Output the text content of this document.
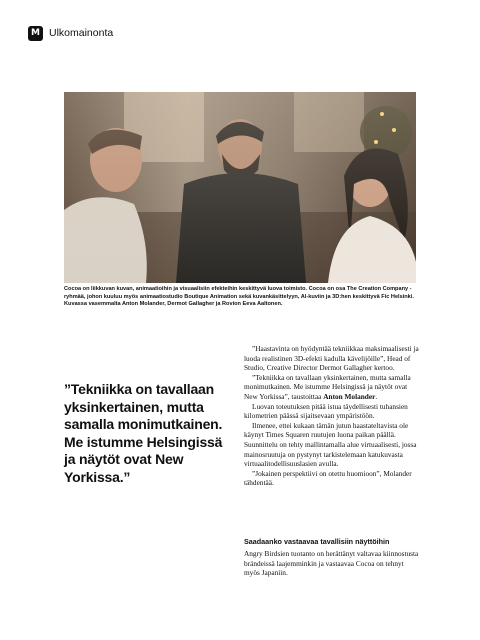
M Ulkomainonta
Cocoa on liikkuvan kuvan, animaatioihin ja visuaalisiin efekteihin keskittyvä luova toimisto. Cocoa on osa The Creation Company -ryhmää, johon kuuluu myös animaatiostudio Boutique Animation sekä kuvankäsittelyyn, AI-kuviin ja 3D:hen keskittyvä Fic Helsinki. Kuvassa vasemmalta Anton Molander, Dermot Gallagher ja Rovion Eeva Aaltonen.
”Tekniikka on tavallaan yksinkertainen, mutta samalla monimutkainen. Me istumme Helsingissä ja näytöt ovat New Yorkissa.”

”Haastavinta on hyödyntää tekniikkaa maksimaalisesti ja luoda realistinen 3D-efekti kadulla kävelijöille”, Head of Studio, Creative Director Dermot Gallagher kertoo.

”Tekniikka on tavallaan yksinkertainen, mutta samalla monimutkainen. Me istumme Helsingissä ja näytöt ovat New Yorkissa”, taustoittaa Anton Molander.

Luovan toteutuksen pitää istua täydellisesti tuhansien kilometrien päässä sijaitsevaan ympäristöön.

Ilmenee, ettei kukaan tämän jutun haastateltavista ole käynyt Times Squaren ruutujen luona paikan päällä. Suunnittelu on tehty mallintamalla alue virtuaalisesti, jossa mainosruutuja on pystynyt tarkistelemaan katukuvasta virtuaalitodellisuuslasien avulla.

”Jokainen perspektiivi on otettu huomioon”, Molander tähdentää.

Saadaanko vastaavaa tavallisiin näyttöihin
Angry Birdsien tuotanto on herättänyt valtavaa kiinnostusta brändeissä laajemminkin ja vastaavaa Cocoa on tehnyt myös Japaniin.
